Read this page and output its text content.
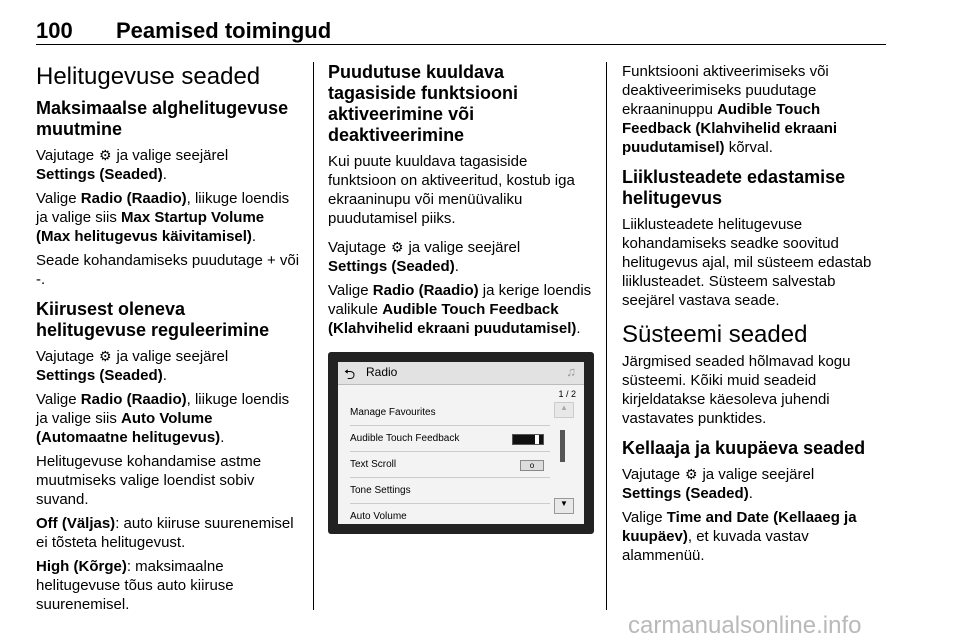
100 Peamised toimingud
Helitugevuse seaded
Maksimaalse alghelitugevuse muutmine

Vajutage ⚙ ja valige seejärel
Settings (Seaded).

Valige Radio (Raadio), liikuge loendis ja valige siis Max Startup Volume (Max helitugevus käivitamisel).

Seade kohandamiseks puudutage + või -.

Kiirusest oleneva helitugevuse reguleerimine

Vajutage ⚙ ja valige seejärel
Settings (Seaded).

Valige Radio (Raadio), liikuge loendis ja valige siis Auto Volume (Automaatne helitugevus).

Helitugevuse kohandamise astme muutmiseks valige loendist sobiv suvand.

Off (Väljas): auto kiiruse suurenemisel ei tõsteta helitugevust.

High (Kõrge): maksimaalne helitugevuse tõus auto kiiruse suurenemisel.

Puudutuse kuuldava tagasiside funktsiooni aktiveerimine või deaktiveerimine

Kui puute kuuldava tagasiside funktsioon on aktiveeritud, kostub iga ekraaninupu või menüüvaliku puudutamisel piiks.

Vajutage ⚙ ja valige seejärel
Settings (Seaded).

Valige Radio (Raadio) ja kerige loendis valikule Audible Touch Feedback (Klahvihelid ekraani puudutamisel).

⮌ Radio	♫
1 / 2
Manage Favourites
Audible Touch Feedback
Text Scroll	o
Tone Settings
Auto Volume
▲
▼

Funktsiooni aktiveerimiseks või deaktiveerimiseks puudutage ekraaninuppu Audible Touch Feedback (Klahvihelid ekraani puudutamisel) kõrval.

Liiklusteadete edastamise helitugevus

Liiklusteadete helitugevuse kohandamiseks seadke soovitud helitugevus ajal, mil süsteem edastab liiklusteadet. Süsteem salvestab seejärel vastava seade.

Süsteemi seaded

Järgmised seaded hõlmavad kogu süsteemi. Kõiki muid seadeid kirjeldatakse käesoleva juhendi vastavates punktides.

Kellaaja ja kuupäeva seaded

Vajutage ⚙ ja valige seejärel
Settings (Seaded).

Valige Time and Date (Kellaaeg ja kuupäev), et kuvada vastav alammenüü.

carmanualsonline.info
